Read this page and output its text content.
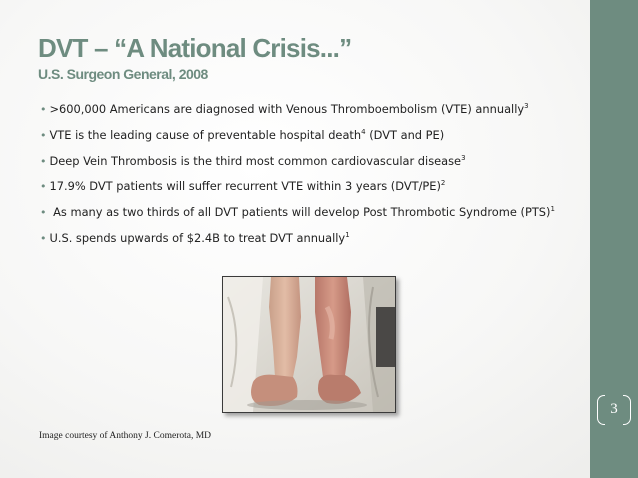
DVT – “A National Crisis...”
U.S. Surgeon General, 2008
• >600,000 Americans are diagnosed with Venous Thromboembolism (VTE) annually$^3$
• VTE is the leading cause of preventable hospital death$^4$ (DVT and PE)
• Deep Vein Thrombosis is the third most common cardiovascular disease$^3$
• 17.9% DVT patients will suffer recurrent VTE within 3 years $(DVT/PE)^2$
• As many as two thirds of all DVT patients will develop Post Thrombotic Syndrome (PTS)$^1$
• U.S. spends upwards of $2.4B to treat DVT annually$^1$
Image courtesy of Anthony J. Comerota, MD
3
